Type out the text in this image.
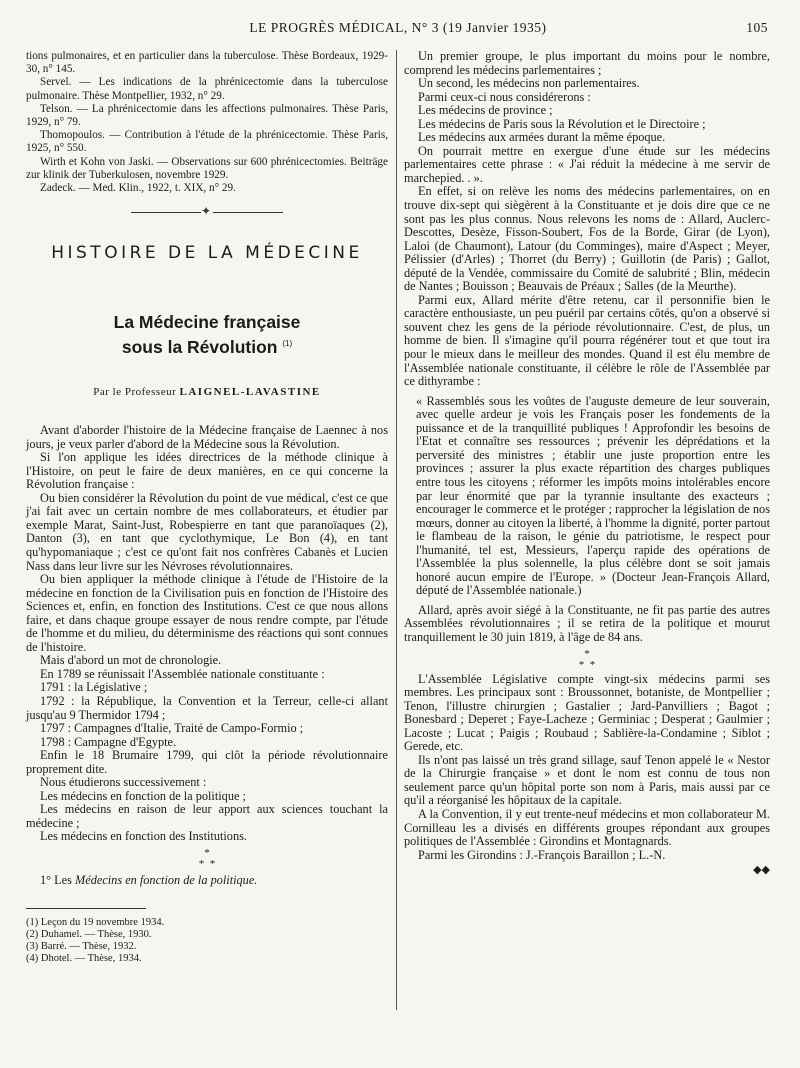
LE PROGRÈS MÉDICAL, N° 3 (19 Janvier 1935)	105

tions pulmonaires, et en particulier dans la tuberculose. Thèse Bordeaux, 1929-30, n° 145.

Servel. — Les indications de la phrénicectomie dans la tuberculose pulmonaire. Thèse Montpellier, 1932, n° 29.

Telson. — La phrénicectomie dans les affections pulmonaires. Thèse Paris, 1929, n° 79.

Thomopoulos. — Contribution à l'étude de la phrénicectomie. Thèse Paris, 1925, n° 550.

Wirth et Kohn von Jaski. — Observations sur 600 phrénicectomies. Beiträge zur klinik der Tuberkulosen, novembre 1929.

Zadeck. — Med. Klin., 1922, t. XIX, n° 29.

✦
HISTOIRE DE LA MÉDECINE
La Médecine française
sous la Révolution $^{(1)}$
Par le Professeur LAIGNEL-LAVASTINE

Avant d'aborder l'histoire de la Médecine française de Laennec à nos jours, je veux parler d'abord de la Médecine sous la Révolution.

Si l'on applique les idées directrices de la méthode clinique à l'Histoire, on peut le faire de deux manières, en ce qui concerne la Révolution française :

Ou bien considérer la Révolution du point de vue médical, c'est ce que j'ai fait avec un certain nombre de mes collaborateurs, et étudier par exemple Marat, Saint-Just, Robespierre en tant que paranoïaques (2), Danton (3), en tant que cyclothymique, Le Bon (4), en tant qu'hypomaniaque ; c'est ce qu'ont fait nos confrères Cabanès et Lucien Nass dans leur livre sur les Névroses révolutionnaires.

Ou bien appliquer la méthode clinique à l'étude de l'Histoire de la médecine en fonction de la Civilisation puis en fonction de l'Histoire des Sciences et, enfin, en fonction des Institutions. C'est ce que nous allons faire, et dans chaque groupe essayer de nous rendre compte, par l'étude de l'homme et du milieu, du déterminisme des réactions qui sont connues de l'histoire.

Mais d'abord un mot de chronologie.

En 1789 se réunissait l'Assemblée nationale constituante :

1791 : la Législative ;

1792 : la République, la Convention et la Terreur, celle-ci allant jusqu'au 9 Thermidor 1794 ;

1797 : Campagnes d'Italie, Traité de Campo-Formio ;

1798 : Campagne d'Egypte.

Enfin le 18 Brumaire 1799, qui clôt la période révolutionnaire proprement dite.

Nous étudierons successivement :

Les médecins en fonction de la politique ;

Les médecins en raison de leur apport aux sciences touchant la médecine ;

Les médecins en fonction des Institutions.

*
* *

1° Les Médecins en fonction de la politique.

(1) Leçon du 19 novembre 1934.

(2) Duhamel. — Thèse, 1930.

(3) Barré. — Thèse, 1932.

(4) Dhotel. — Thèse, 1934.

Un premier groupe, le plus important du moins pour le nombre, comprend les médecins parlementaires ;

Un second, les médecins non parlementaires.

Parmi ceux-ci nous considérerons :

Les médecins de province ;

Les médecins de Paris sous la Révolution et le Directoire ;

Les médecins aux armées durant la même époque.

On pourrait mettre en exergue d'une étude sur les médecins parlementaires cette phrase : « J'ai réduit la médecine à me servir de marchepied. . ».

En effet, si on relève les noms des médecins parlementaires, on en trouve dix-sept qui siègèrent à la Constituante et je dois dire que ce ne sont pas les plus connus. Nous relevons les noms de : Allard, Auclerc-Descottes, Desèze, Fisson-Soubert, Fos de la Borde, Girar (de Lyon), Laloi (de Chaumont), Latour (du Comminges), maire d'Aspect ; Meyer, Pélissier (d'Arles) ; Thorret (du Berry) ; Guillotin (de Paris) ; Gallot, député de la Vendée, commissaire du Comité de salubrité ; Blin, médecin de Nantes ; Bouisson ; Beauvais de Préaux ; Salles (de la Meurthe).

Parmi eux, Allard mérite d'être retenu, car il personnifie bien le caractère enthousiaste, un peu puéril par certains côtés, qu'on a observé si souvent chez les gens de la période révolutionnaire. C'est, de plus, un homme de bien. Il s'imagine qu'il pourra régénérer tout et que tout ira pour le mieux dans le meilleur des mondes. Quand il est élu membre de l'Assemblée nationale constituante, il célèbre le rôle de l'Assemblée par ce dithyrambe :

« Rassemblés sous les voûtes de l'auguste demeure de leur souverain, avec quelle ardeur je vois les Français poser les fondements de la puissance et de la tranquillité publiques ! Approfondir les besoins de l'Etat et connaître ses ressources ; prévenir les déprédations et la perversité des ministres ; établir une juste proportion entre les provinces ; assurer la plus exacte répartition des charges publiques entre tous les citoyens ; réformer les impôts moins intolérables encore par leur énormité que par la tyrannie insultante des exacteurs ; encourager le commerce et le protéger ; rapprocher la législation de nos mœurs, donner au citoyen la liberté, à l'homme la dignité, porter partout le flambeau de la raison, le génie du patriotisme, le respect pour l'humanité, tel est, Messieurs, l'aperçu rapide des opérations de l'Assemblée la plus solennelle, la plus célèbre dont se soit jamais honoré aucun empire de l'Europe. » (Docteur Jean-François Allard, député de l'Assemblée nationale.)

Allard, après avoir siégé à la Constituante, ne fit pas partie des autres Assemblées révolutionnaires ; il se retira de la politique et mourut tranquillement le 30 juin 1819, à l'âge de 84 ans.

*
* *

L'Assemblée Législative compte vingt-six médecins parmi ses membres. Les principaux sont : Broussonnet, botaniste, de Montpellier ; Tenon, l'illustre chirurgien ; Gastalier ; Jard-Panvilliers ; Bagot ; Bonesbard ; Deperet ; Faye-Lacheze ; Germiniac ; Desperat ; Gaulmier ; Lacoste ; Lucat ; Paigis ; Roubaud ; Sablière-la-Condamine ; Siblot ; Gerede, etc.

Ils n'ont pas laissé un très grand sillage, sauf Tenon appelé le « Nestor de la Chirurgie française » et dont le nom est connu de tous non seulement parce qu'un hôpital porte son nom à Paris, mais aussi par ce qu'il a réorganisé les hôpitaux de la capitale.

A la Convention, il y eut trente-neuf médecins et mon collaborateur M. Cornilleau les a divisés en différents groupes répondant aux groupes politiques de l'Assemblée : Girondins et Montagnards.

Parmi les Girondins : J.-François Baraillon ; L.-N.

◆◆
